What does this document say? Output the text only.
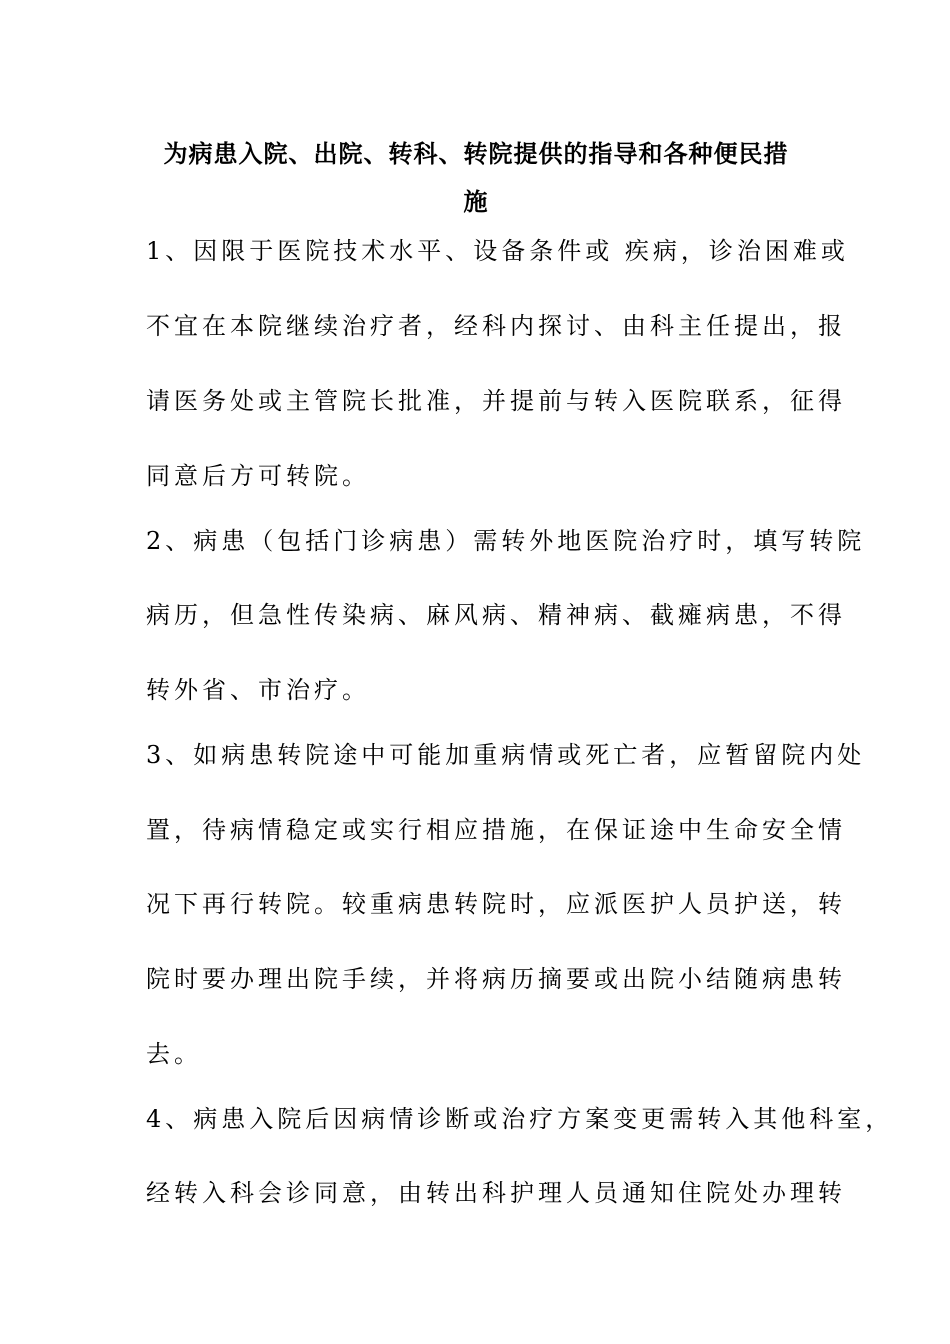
为病患入院、出院、转科、转院提供的指导和各种便民措
施
1、因限于医院技术水平、设备条件或 疾病，诊治困难或
不宜在本院继续治疗者，经科内探讨、由科主任提出，报
请医务处或主管院长批准，并提前与转入医院联系，征得
同意后方可转院。
2、病患（包括门诊病患）需转外地医院治疗时，填写转院
病历，但急性传染病、麻风病、精神病、截瘫病患，不得
转外省、市治疗。
3、如病患转院途中可能加重病情或死亡者，应暂留院内处
置，待病情稳定或实行相应措施，在保证途中生命安全情
况下再行转院。较重病患转院时，应派医护人员护送，转
院时要办理出院手续，并将病历摘要或出院小结随病患转
去。
4、病患入院后因病情诊断或治疗方案变更需转入其他科室，
经转入科会诊同意，由转出科护理人员通知住院处办理转
